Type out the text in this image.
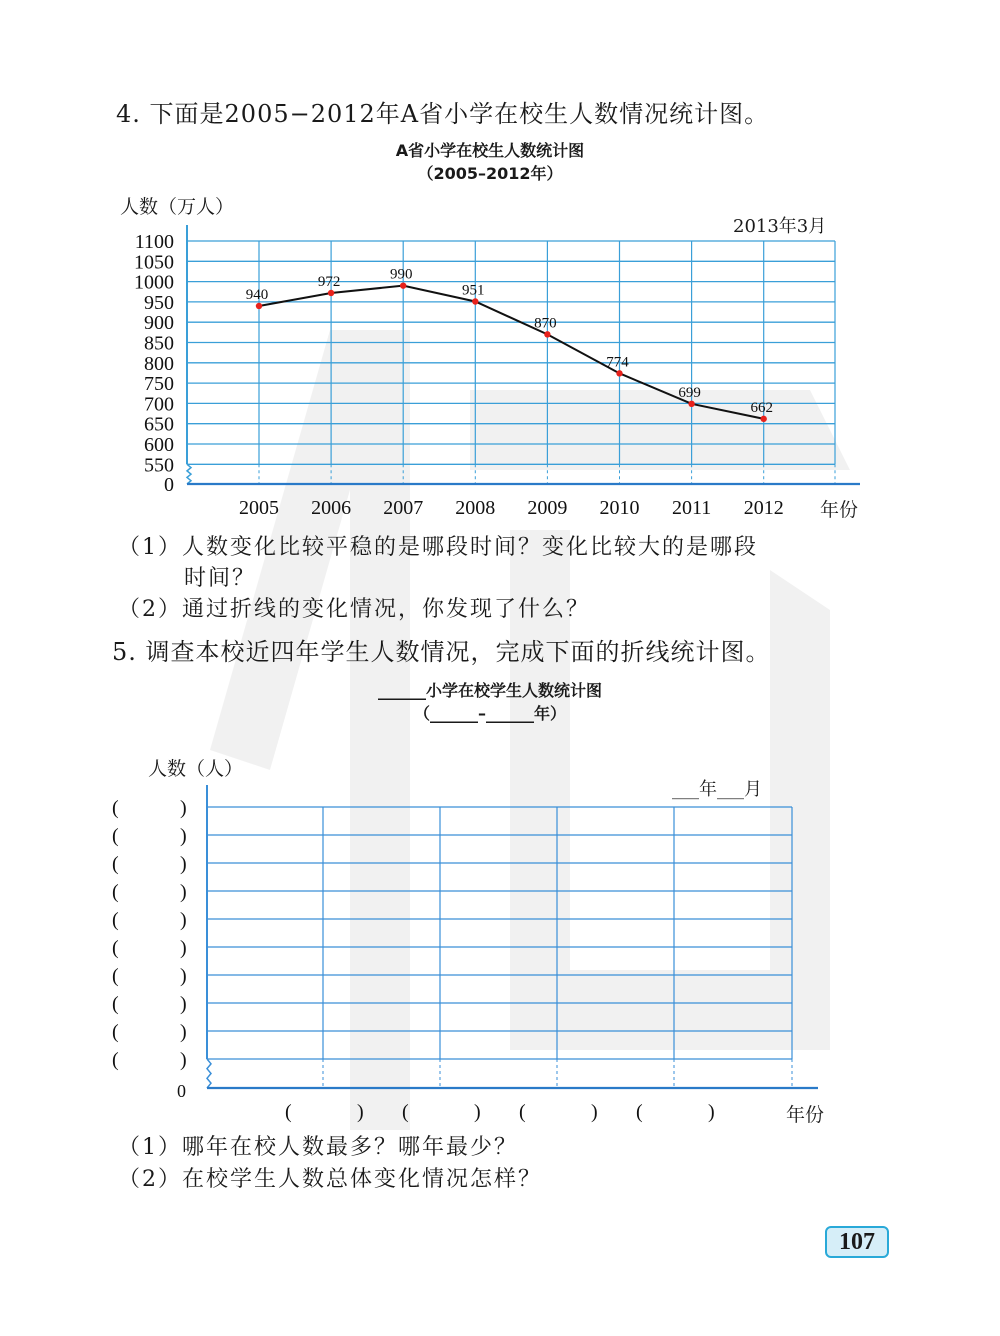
4. 下面是2005−2012年A省小学在校生人数情况统计图。
A省小学在校生人数统计图
（2005–2012年）
人数（万人）
2013年3月
1100
1050
1000
950
900
850
800
750
700
650
600
550
0
2005 2006 2007 2008 2009 2010 2011 2012
940
972	990
951
870
774
699
662
年份
（1）人数变化比较平稳的是哪段时间？变化比较大的是哪段
时间？
（2）通过折线的变化情况，你发现了什么？
5. 调查本校近四年学生人数情况，完成下面的折线统计图。
______小学在校学生人数统计图
（______–______年）
人数（人）
___年___月
(	)
(	)
(	)
(	)
(	)
(	)
(	)
(	)
(	)
(	)
0
(	) (	) (	) (	)	年份
（1）哪年在校人数最多？哪年最少？
（2）在校学生人数总体变化情况怎样？
107
